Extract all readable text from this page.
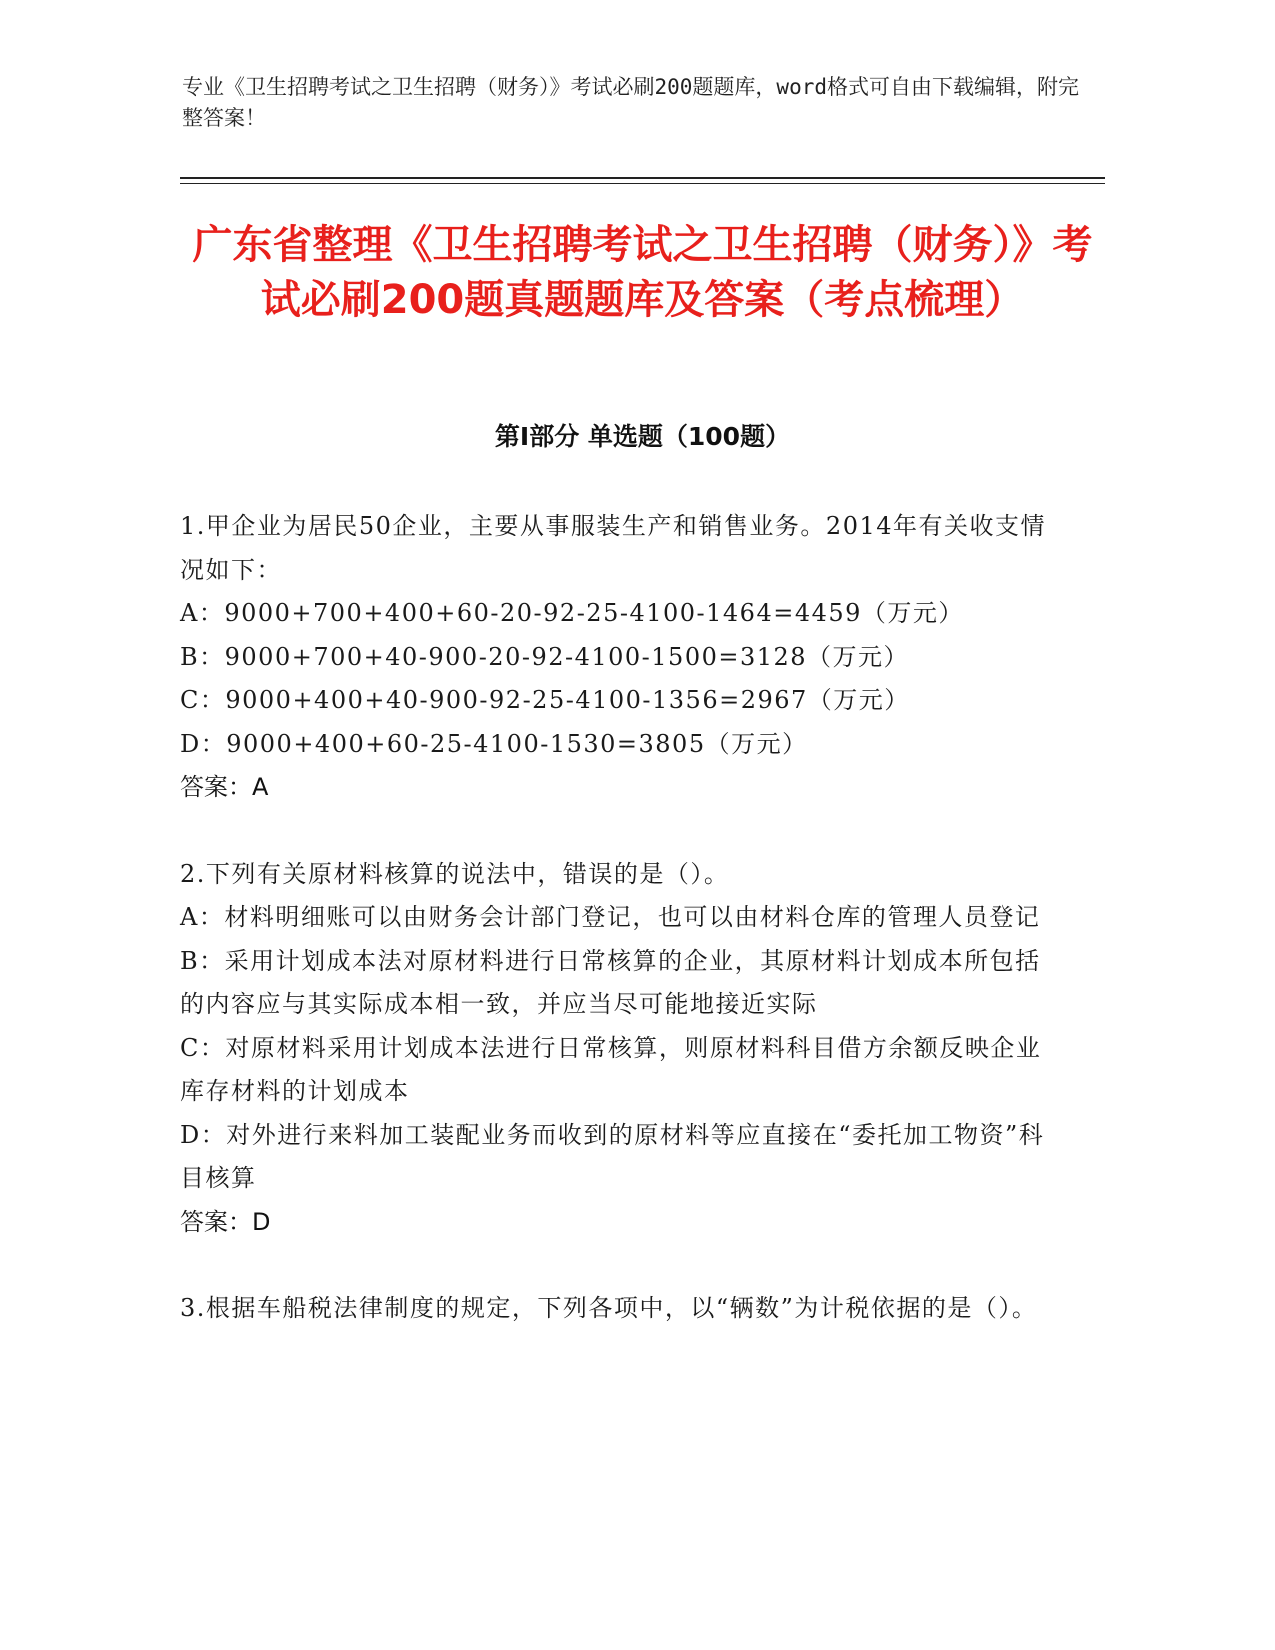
专业《卫生招聘考试之卫生招聘（财务）》考试必刷200题题库，word格式可自由下载编辑，附完整答案！
广东省整理《卫生招聘考试之卫生招聘（财务）》考试必刷200题真题题库及答案（考点梳理）
第I部分 单选题（100题）

1.甲企业为居民50企业，主要从事服装生产和销售业务。2014年有关收支情况如下：

A：9000+700+400+60-20-92-25-4100-1464=4459（万元）

B：9000+700+40-900-20-92-4100-1500=3128（万元）

C：9000+400+40-900-92-25-4100-1356=2967（万元）

D：9000+400+60-25-4100-1530=3805（万元）

答案：A

2.下列有关原材料核算的说法中，错误的是（）。

A：材料明细账可以由财务会计部门登记，也可以由材料仓库的管理人员登记

B：采用计划成本法对原材料进行日常核算的企业，其原材料计划成本所包括的内容应与其实际成本相一致，并应当尽可能地接近实际

C：对原材料采用计划成本法进行日常核算，则原材料科目借方余额反映企业库存材料的计划成本

D：对外进行来料加工装配业务而收到的原材料等应直接在“委托加工物资”科目核算

答案：D

3.根据车船税法律制度的规定，下列各项中，以“辆数”为计税依据的是（）。
